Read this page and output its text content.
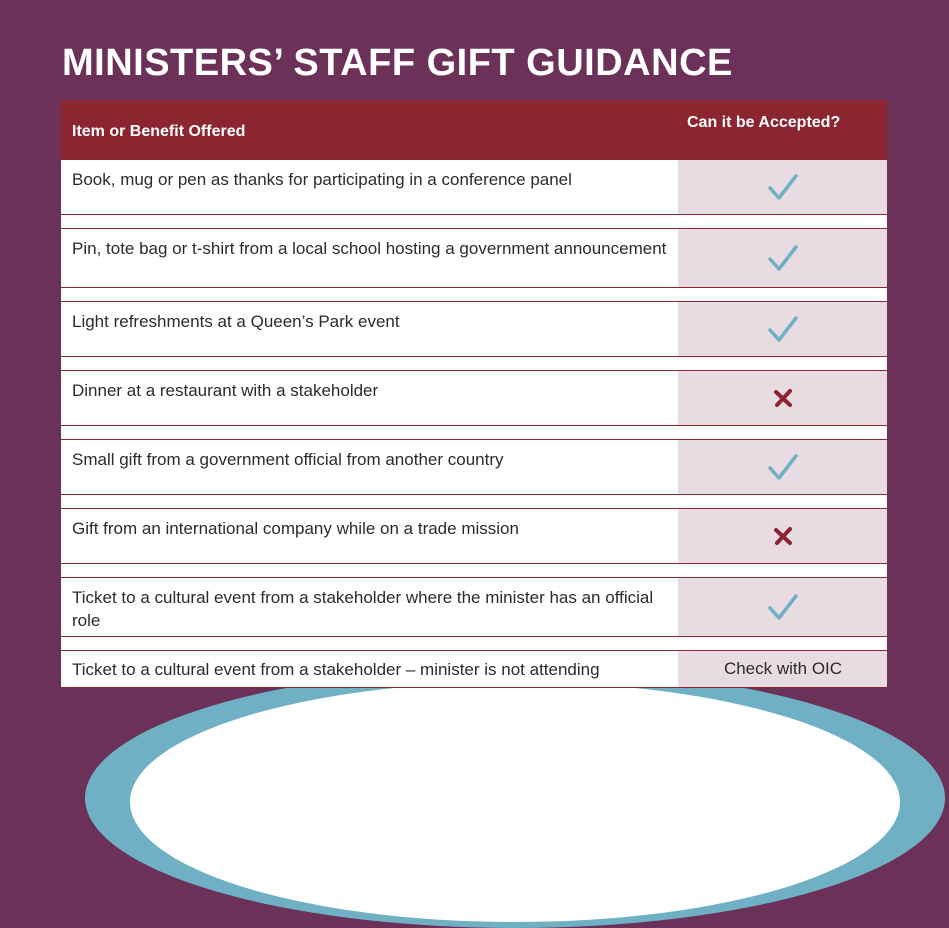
MINISTERS’ STAFF GIFT GUIDANCE
Item or Benefit Offered
Can it be Accepted?
Book, mug or pen as thanks for participating in a conference panel
Pin, tote bag or t-shirt from a local school hosting a government announcement
Light refreshments at a Queen’s Park event
Dinner at a restaurant with a stakeholder
Small gift from a government official from another country
Gift from an international company while on a trade mission
Ticket to a cultural event from a stakeholder where the minister has an official role
Ticket to a cultural event from a stakeholder – minister is not attending	Check with OIC
